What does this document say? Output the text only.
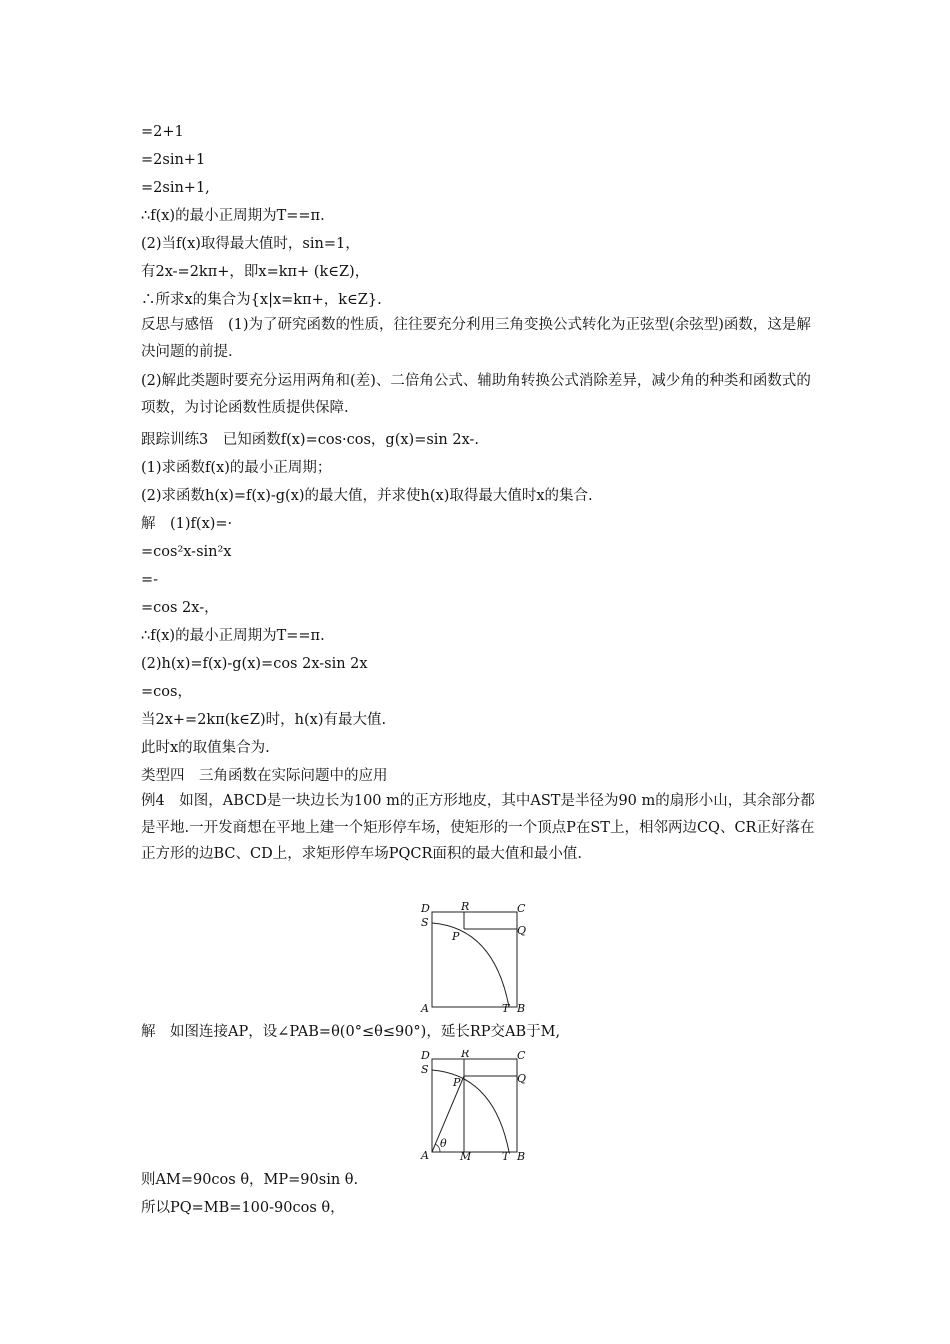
=2+1
=2sin+1
=2sin+1,
∴f(x)的最小正周期为T==π.
(2)当f(x)取得最大值时，sin=1，
有2x-=2kπ+，即x=kπ+ (k∈Z)，
∴所求x的集合为{x|x=kπ+，k∈Z}.
反思与感悟　(1)为了研究函数的性质，往往要充分利用三角变换公式转化为正弦型(余弦型)函数，这是解决问题的前提.
(2)解此类题时要充分运用两角和(差)、二倍角公式、辅助角转换公式消除差异，减少角的种类和函数式的项数，为讨论函数性质提供保障.
跟踪训练3　已知函数f(x)=cos·cos，g(x)=sin 2x-.
(1)求函数f(x)的最小正周期；
(2)求函数h(x)=f(x)-g(x)的最大值，并求使h(x)取得最大值时x的集合.
解　(1)f(x)=·
=cos²x-sin²x
=-
=cos 2x-，
∴f(x)的最小正周期为T==π.
(2)h(x)=f(x)-g(x)=cos 2x-sin 2x
=cos，
当2x+=2kπ(k∈Z)时，h(x)有最大值.
此时x的取值集合为.
类型四　三角函数在实际问题中的应用
例4　如图，ABCD是一块边长为100 m的正方形地皮，其中AST是半径为90 m的扇形小山，其余部分都是平地.一开发商想在平地上建一个矩形停车场，使矩形的一个顶点P在ST上，相邻两边CQ、CR正好落在正方形的边BC、CD上，求矩形停车场PQCR面积的最大值和最小值.
D	R	C
S
P	Q
A	T B
解　如图连接AP，设∠PAB=θ(0°≤θ≤90°)，延长RP交AB于M,
D	R	C
S
P	Q
θ
A	M	T B
则AM=90cos θ，MP=90sin θ.
所以PQ=MB=100-90cos θ，
